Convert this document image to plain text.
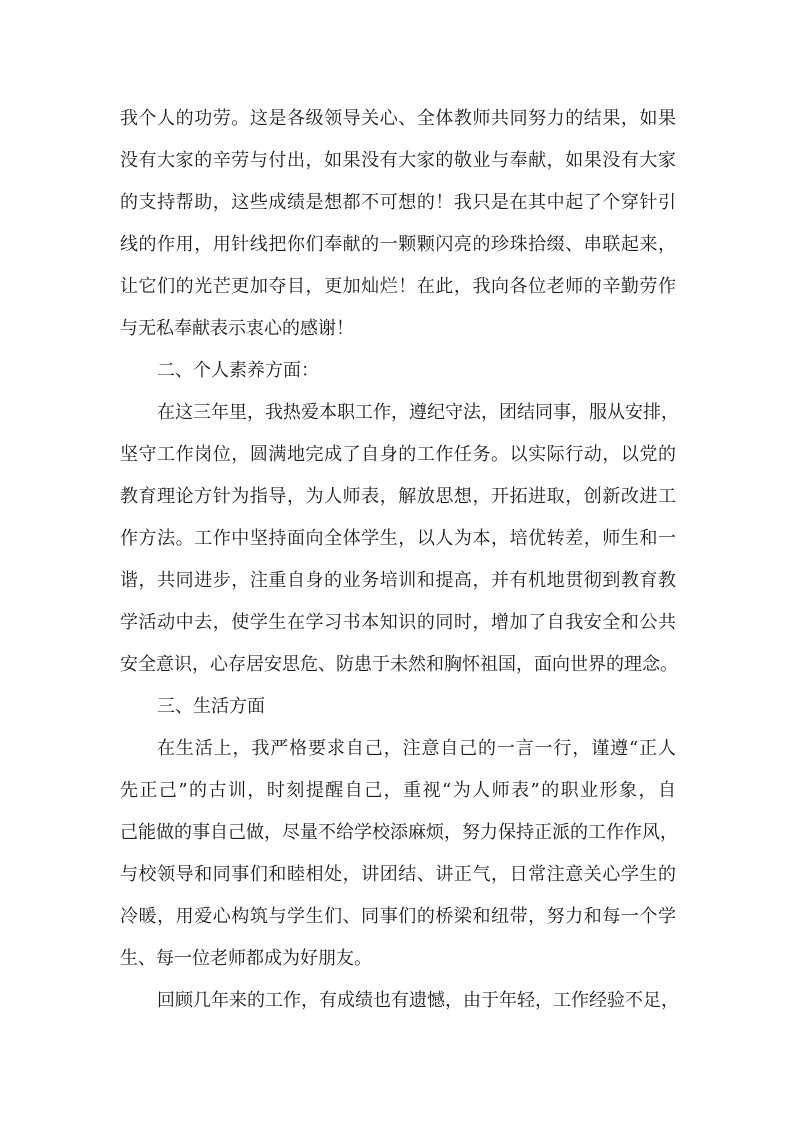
我个人的功劳。这是各级领导关心、全体教师共同努力的结果，如果
没有大家的辛劳与付出，如果没有大家的敬业与奉献，如果没有大家
的支持帮助，这些成绩是想都不可想的！我只是在其中起了个穿针引
线的作用，用针线把你们奉献的一颗颗闪亮的珍珠拾缀、串联起来，
让它们的光芒更加夺目，更加灿烂！在此，我向各位老师的辛勤劳作
与无私奉献表示衷心的感谢！
二、个人素养方面：
在这三年里，我热爱本职工作，遵纪守法，团结同事，服从安排，
坚守工作岗位，圆满地完成了自身的工作任务。以实际行动，以党的
教育理论方针为指导，为人师表，解放思想，开拓进取，创新改进工
作方法。工作中坚持面向全体学生，以人为本，培优转差，师生和一
谐，共同进步，注重自身的业务培训和提高，并有机地贯彻到教育教
学活动中去，使学生在学习书本知识的同时，增加了自我安全和公共
安全意识，心存居安思危、防患于未然和胸怀祖国，面向世界的理念。
三、生活方面
在生活上，我严格要求自己，注意自己的一言一行，谨遵“正人
先正己”的古训，时刻提醒自己，重视“为人师表”的职业形象，自
己能做的事自己做，尽量不给学校添麻烦，努力保持正派的工作作风，
与校领导和同事们和睦相处，讲团结、讲正气，日常注意关心学生的
冷暖，用爱心构筑与学生们、同事们的桥梁和纽带，努力和每一个学
生、每一位老师都成为好朋友。
回顾几年来的工作，有成绩也有遗憾，由于年轻，工作经验不足，
